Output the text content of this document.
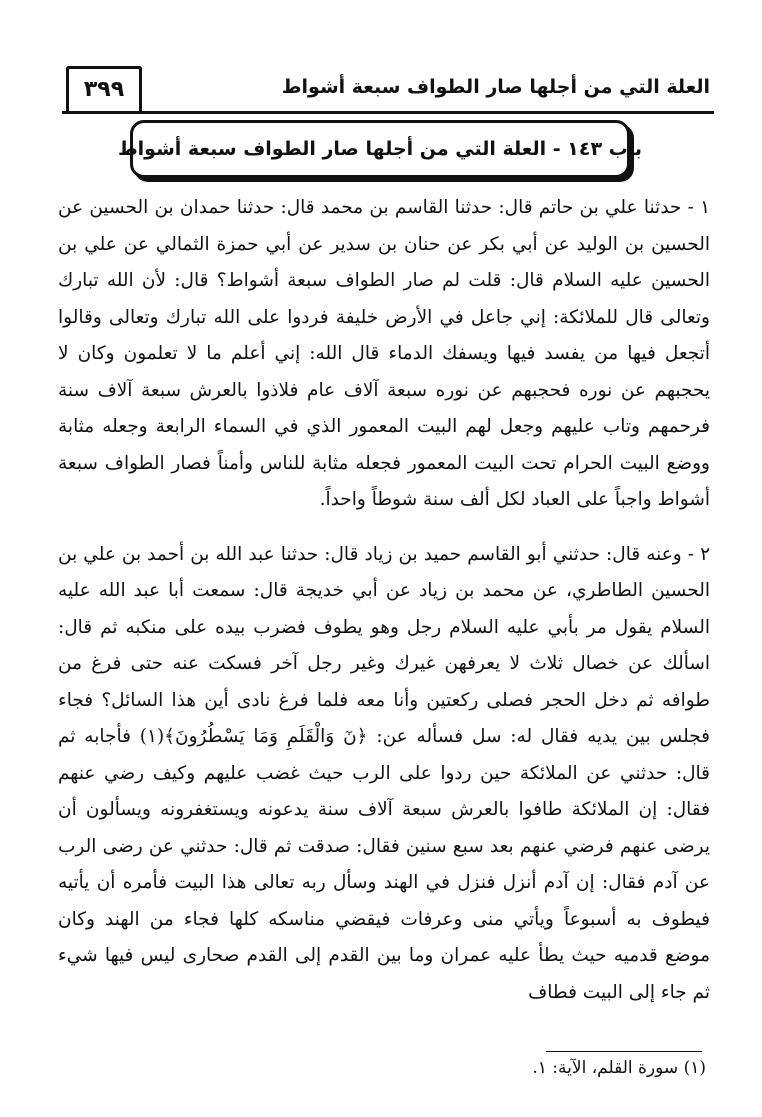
العلة التي من أجلها صار الطواف سبعة أشواط
٣٩٩
باب ١٤٣ - العلة التي من أجلها صار الطواف سبعة أشواط

١ - حدثنا علي بن حاتم قال: حدثنا القاسم بن محمد قال: حدثنا حمدان بن الحسين عن الحسين بن الوليد عن أبي بكر عن حنان بن سدير عن أبي حمزة الثمالي عن علي بن الحسين عليه السلام قال: قلت لم صار الطواف سبعة أشواط؟ قال: لأن الله تبارك وتعالى قال للملائكة: إني جاعل في الأرض خليفة فردوا على الله تبارك وتعالى وقالوا أتجعل فيها من يفسد فيها ويسفك الدماء قال الله: إني أعلم ما لا تعلمون وكان لا يحجبهم عن نوره فحجبهم عن نوره سبعة آلاف عام فلاذوا بالعرش سبعة آلاف سنة فرحمهم وتاب عليهم وجعل لهم البيت المعمور الذي في السماء الرابعة وجعله مثابة ووضع البيت الحرام تحت البيت المعمور فجعله مثابة للناس وأمناً فصار الطواف سبعة أشواط واجباً على العباد لكل ألف سنة شوطاً واحداً.

٢ - وعنه قال: حدثني أبو القاسم حميد بن زياد قال: حدثنا عبد الله بن أحمد بن علي بن الحسين الطاطري، عن محمد بن زياد عن أبي خديجة قال: سمعت أبا عبد الله عليه السلام يقول مر بأبي عليه السلام رجل وهو يطوف فضرب بيده على منكبه ثم قال: اسألك عن خصال ثلاث لا يعرفهن غيرك وغير رجل آخر فسكت عنه حتى فرغ من طوافه ثم دخل الحجر فصلى ركعتين وأنا معه فلما فرغ نادى أين هذا السائل؟ فجاء فجلس بين يديه فقال له: سل فسأله عن: ﴿نٓ وَالْقَلَمِ وَمَا يَسْطُرُونَ﴾(١) فأجابه ثم قال: حدثني عن الملائكة حين ردوا على الرب حيث غضب عليهم وكيف رضي عنهم فقال: إن الملائكة طافوا بالعرش سبعة آلاف سنة يدعونه ويستغفرونه ويسألون أن يرضى عنهم فرضي عنهم بعد سبع سنين فقال: صدقت ثم قال: حدثني عن رضى الرب عن آدم فقال: إن آدم أنزل فنزل في الهند وسأل ربه تعالى هذا البيت فأمره أن يأتيه فيطوف به أسبوعاً ويأتي منى وعرفات فيقضي مناسكه كلها فجاء من الهند وكان موضع قدميه حيث يطأ عليه عمران وما بين القدم إلى القدم صحارى ليس فيها شيء ثم جاء إلى البيت فطاف

(١) سورة القلم، الآية: ١.
